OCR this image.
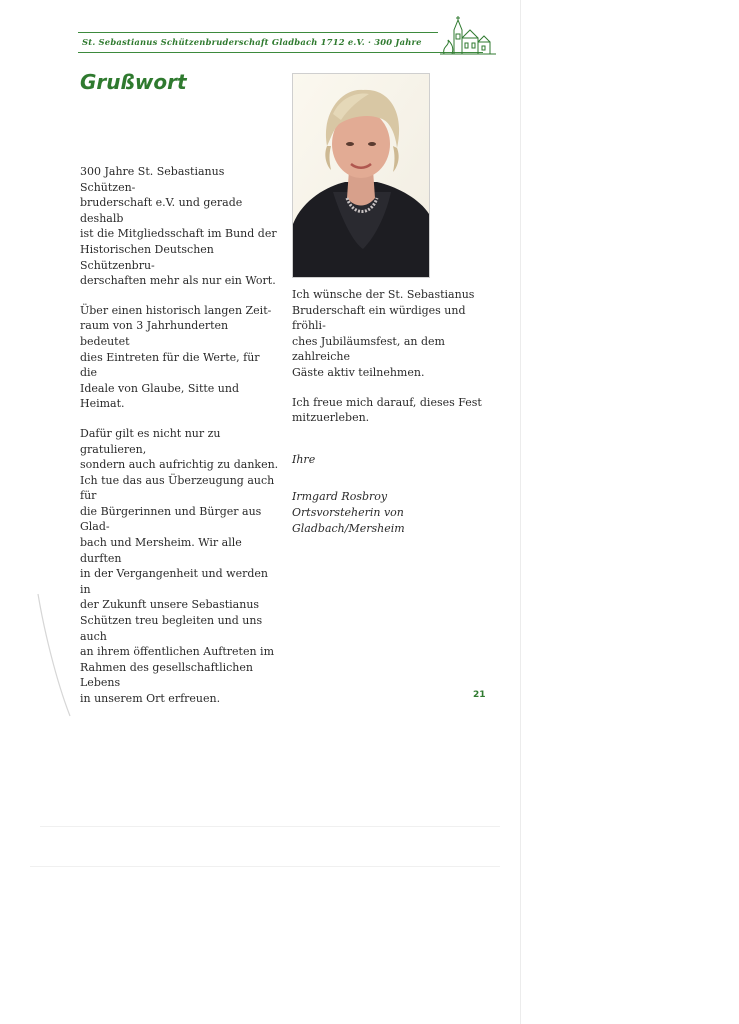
St. Sebastianus Schützenbruderschaft Gladbach 1712 e.V. · 300 Jahre
Grußwort

300 Jahre St. Sebastianus Schützen-
bruderschaft e.V. und gerade deshalb
ist die Mitgliedsschaft im Bund der
Historischen Deutschen Schützenbru-
derschaften mehr als nur ein Wort.

Über einen historisch langen Zeit-
raum von 3 Jahrhunderten bedeutet
dies Eintreten für die Werte, für die
Ideale von Glaube, Sitte und Heimat.

Dafür gilt es nicht nur zu gratulieren,
sondern auch aufrichtig zu danken.
Ich tue das aus Überzeugung auch für
die Bürgerinnen und Bürger aus Glad-
bach und Mersheim. Wir alle durften
in der Vergangenheit und werden in
der Zukunft unsere Sebastianus
Schützen treu begleiten und uns auch
an ihrem öffentlichen Auftreten im
Rahmen des gesellschaftlichen Lebens
in unserem Ort erfreuen.

Ich wünsche der St. Sebastianus
Bruderschaft ein würdiges und fröhli-
ches Jubiläumsfest, an dem zahlreiche
Gäste aktiv teilnehmen.

Ich freue mich darauf, dieses Fest
mitzuerleben.

Ihre
Irmgard Rosbroy
Ortsvorsteherin von
Gladbach/Mersheim
21
